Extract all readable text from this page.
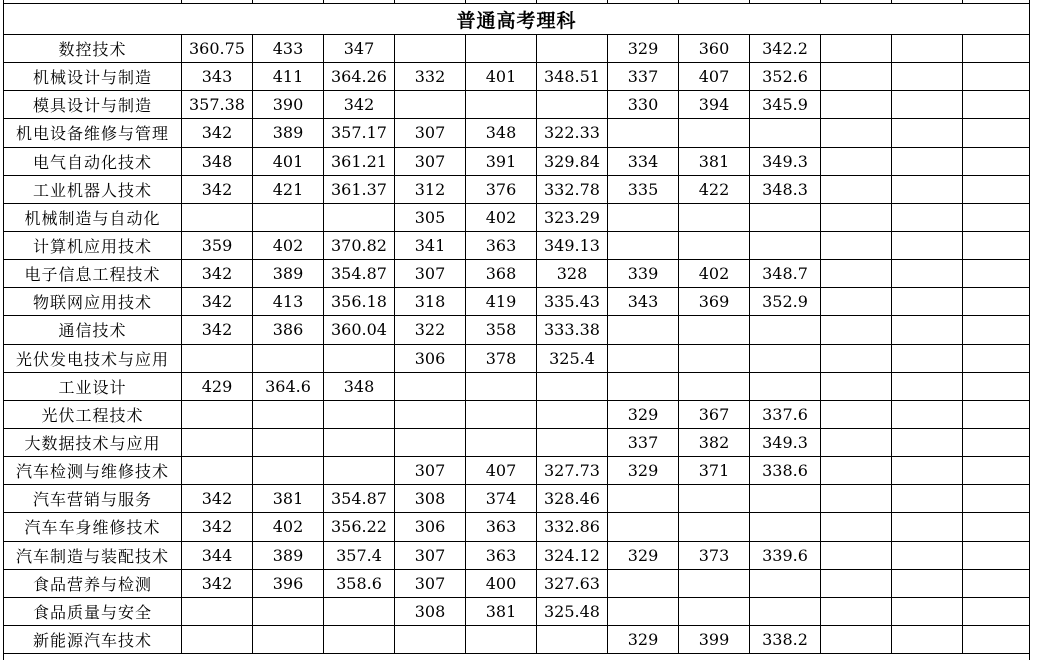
普通高考理科												
数控技术	360.75	433	347				329	360	342.2			
机械设计与制造	343	411	364.26	332	401	348.51	337	407	352.6			
模具设计与制造	357.38	390	342				330	394	345.9			
机电设备维修与管理	342	389	357.17	307	348	322.33						
电气自动化技术	348	401	361.21	307	391	329.84	334	381	349.3			
工业机器人技术	342	421	361.37	312	376	332.78	335	422	348.3			
机械制造与自动化				305	402	323.29						
计算机应用技术	359	402	370.82	341	363	349.13						
电子信息工程技术	342	389	354.87	307	368	328	339	402	348.7			
物联网应用技术	342	413	356.18	318	419	335.43	343	369	352.9			
通信技术	342	386	360.04	322	358	333.38						
光伏发电技术与应用				306	378	325.4						
工业设计	429	364.6	348									
光伏工程技术							329	367	337.6			
大数据技术与应用							337	382	349.3			
汽车检测与维修技术				307	407	327.73	329	371	338.6			
汽车营销与服务	342	381	354.87	308	374	328.46						
汽车车身维修技术	342	402	356.22	306	363	332.86						
汽车制造与装配技术	344	389	357.4	307	363	324.12	329	373	339.6			
食品营养与检测	342	396	358.6	307	400	327.63						
食品质量与安全				308	381	325.48						
新能源汽车技术							329	399	338.2			
